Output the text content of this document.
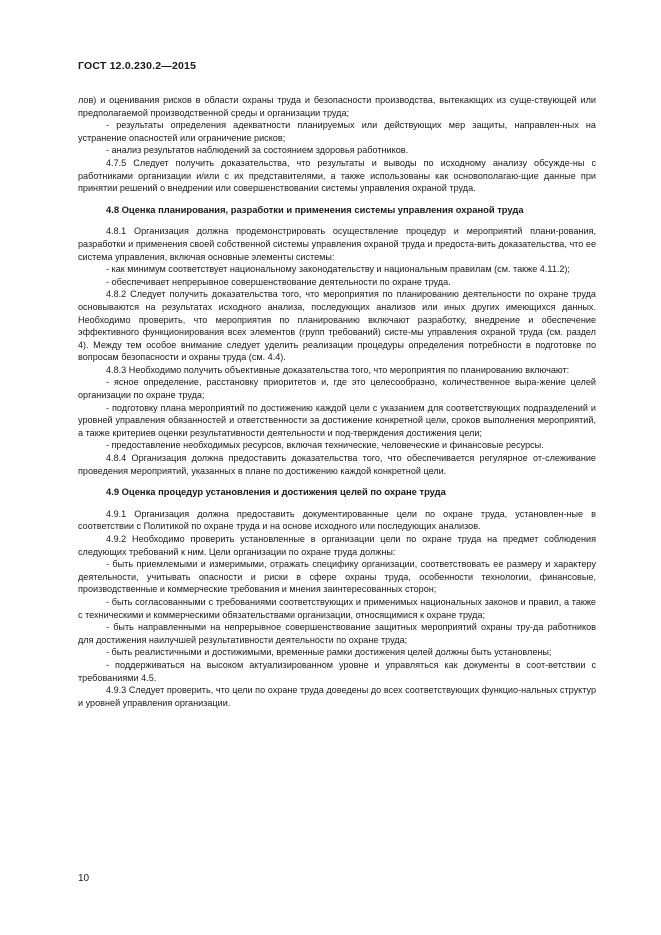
ГОСТ 12.0.230.2—2015

лов) и оценивания рисков в области охраны труда и безопасности производства, вытекающих из суще-ствующей или предполагаемой производственной среды и организации труда;

- результаты определения адекватности планируемых или действующих мер защиты, направлен-ных на устранение опасностей или ограничение рисков;

- анализ результатов наблюдений за состоянием здоровья работников.

4.7.5 Следует получить доказательства, что результаты и выводы по исходному анализу обсужде-ны с работниками организации и/или с их представителями, а также использованы как основополагаю-щие данные при принятии решений о внедрении или совершенствовании системы управления охраной труда.

4.8 Оценка планирования, разработки и применения системы управления охраной труда

4.8.1 Организация должна продемонстрировать осуществление процедур и мероприятий плани-рования, разработки и применения своей собственной системы управления охраной труда и предоста-вить доказательства, что ее система управления, включая основные элементы системы:

- как минимум соответствует национальному законодательству и национальным правилам (см. также 4.11.2);

- обеспечивает непрерывное совершенствование деятельности по охране труда.

4.8.2 Следует получить доказательства того, что мероприятия по планированию деятельности по охране труда основываются на результатах исходного анализа, последующих анализов или иных других имеющихся данных. Необходимо проверить, что мероприятия по планированию включают разработку, внедрение и обеспечение эффективного функционирования всех элементов (групп требований) систе-мы управления охраной труда (см. раздел 4). Между тем особое внимание следует уделить реализации процедуры определения потребности в подготовке по вопросам безопасности и охраны труда (см. 4.4).

4.8.3 Необходимо получить объективные доказательства того, что мероприятия по планированию включают:

- ясное определение, расстановку приоритетов и, где это целесообразно, количественное выра-жение целей организации по охране труда;

- подготовку плана мероприятий по достижению каждой цели с указанием для соответствующих подразделений и уровней управления обязанностей и ответственности за достижение конкретной цели, сроков выполнения мероприятий, а также критериев оценки результативности деятельности и под-тверждения достижения цели;

- предоставление необходимых ресурсов, включая технические, человеческие и финансовые ресурсы.

4.8.4 Организация должна предоставить доказательства того, что обеспечивается регулярное от-слеживание проведения мероприятий, указанных в плане по достижению каждой конкретной цели.

4.9 Оценка процедур установления и достижения целей по охране труда

4.9.1 Организация должна предоставить документированные цели по охране труда, установлен-ные в соответствии с Политикой по охране труда и на основе исходного или последующих анализов.

4.9.2 Необходимо проверить установленные в организации цели по охране труда на предмет соблюдения следующих требований к ним. Цели организации по охране труда должны:

- быть приемлемыми и измеримыми, отражать специфику организации, соответствовать ее размеру и характеру деятельности, учитывать опасности и риски в сфере охраны труда, особенности технологии, финансовые, производственные и коммерческие требования и мнения заинтересованных сторон;

- быть согласованными с требованиями соответствующих и применимых национальных законов и правил, а также с техническими и коммерческими обязательствами организации, относящимися к охране труда;

- быть направленными на непрерывное совершенствование защитных мероприятий охраны тру-да работников для достижения наилучшей результативности деятельности по охране труда;

- быть реалистичными и достижимыми, временные рамки достижения целей должны быть установлены;

- поддерживаться на высоком актуализированном уровне и управляться как документы в соот-ветствии с требованиями 4.5.

4.9.3 Следует проверить, что цели по охране труда доведены до всех соответствующих функцио-нальных структур и уровней управления организации.

10
